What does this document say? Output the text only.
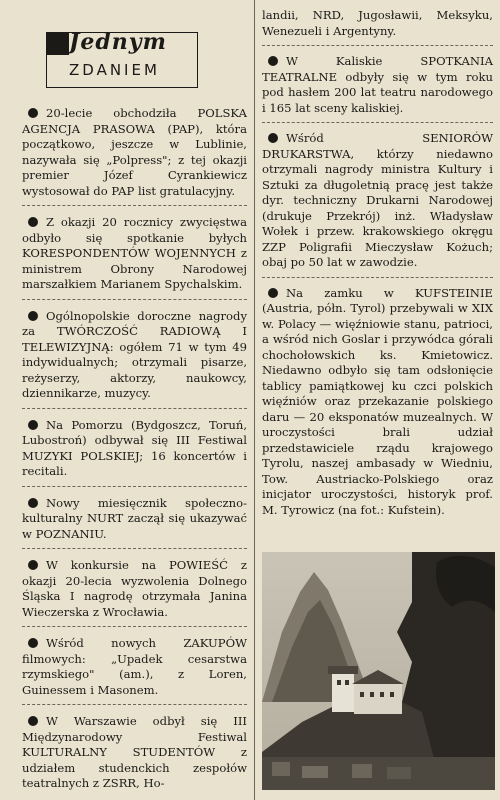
Jednym
ZDANIEM

20-lecie obchodziła POLSKA AGENCJA PRASOWA (PAP), która początkowo, jeszcze w Lublinie, nazywała się „Polpress"; z tej okazji premier Józef Cyrankiewicz wystosował do PAP list gratulacyjny.

Z okazji 20 rocznicy zwycięstwa odbyło się spotkanie byłych KORESPONDENTÓW WOJENNYCH z ministrem Obrony Narodowej marszałkiem Marianem Spychalskim.

Ogólnopolskie doroczne nagrody za TWÓRCZOŚĆ RADIOWĄ I TELEWIZYJNĄ: ogółem 71 w tym 49 indywidualnych; otrzymali pisarze, reżyserzy, aktorzy, naukowcy, dziennikarze, muzycy.

Na Pomorzu (Bydgoszcz, Toruń, Lubostroń) odbywał się III Festiwal MUZYKI POLSKIEJ; 16 koncertów i recitali.

Nowy miesięcznik społeczno-kulturalny NURT zaczął się ukazywać w POZNANIU.

W konkursie na POWIEŚĆ z okazji 20-lecia wyzwolenia Dolnego Śląska I nagrodę otrzymała Janina Wieczerska z Wrocławia.

Wśród nowych ZAKUPÓW filmowych: „Upadek cesarstwa rzymskiego" (am.), z Loren, Guinessem i Masonem.

W Warszawie odbył się III Międzynarodowy Festiwal KULTURALNY STUDENTÓW z udziałem studenckich zespołów teatralnych z ZSRR, Ho-

landii, NRD, Jugosławii, Meksyku, Wenezueli i Argentyny.

W Kaliskie SPOTKANIA TEATRALNE odbyły się w tym roku pod hasłem 200 lat teatru narodowego i 165 lat sceny kaliskiej.

Wśród SENIORÓW DRUKARSTWA, którzy niedawno otrzymali nagrody ministra Kultury i Sztuki za długoletnią pracę jest także dyr. techniczny Drukarni Narodowej (drukuje Przekrój) inż. Władysław Wołek i przew. krakowskiego okręgu ZZP Poligrafii Mieczysław Kożuch; obaj po 50 lat w zawodzie.

Na zamku w KUFSTEINIE (Austria, półn. Tyrol) przebywali w XIX w. Polacy — więźniowie stanu, patrioci, a wśród nich Goslar i przywódca górali chochołowskich ks. Kmietowicz. Niedawno odbyło się tam odsłonięcie tablicy pamiątkowej ku czci polskich więźniów oraz przekazanie polskiego daru — 20 eksponatów muzealnych. W uroczystości brali udział przedstawiciele rządu krajowego Tyrolu, naszej ambasady w Wiedniu, Tow. Austriacko-Polskiego oraz inicjator uroczystości, historyk prof. M. Tyrowicz (na fot.: Kufstein).
